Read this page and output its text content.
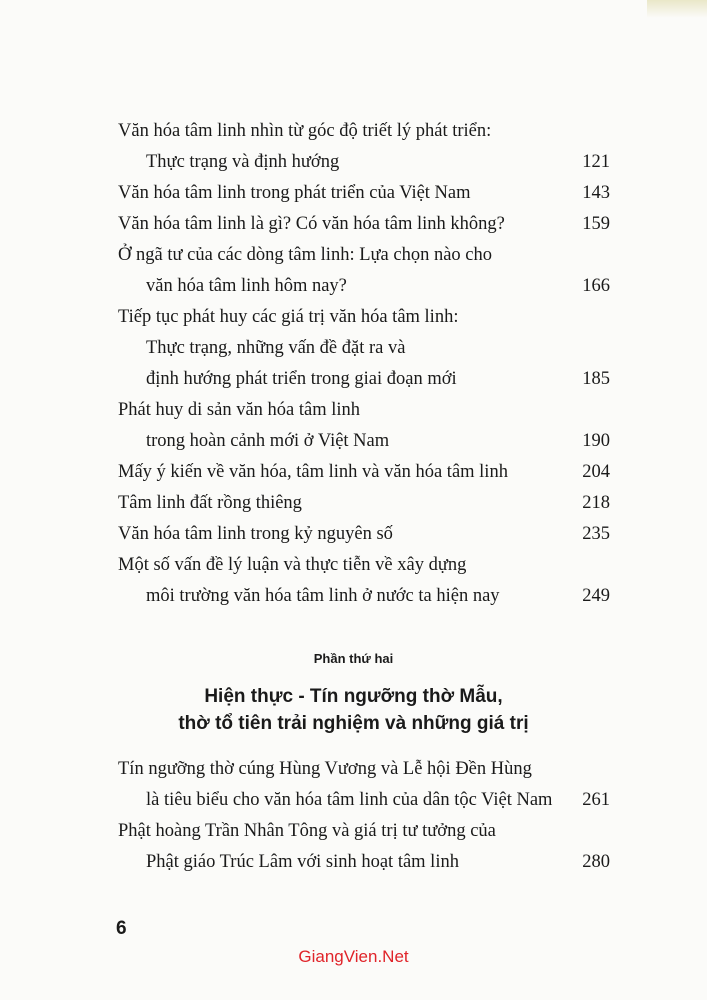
Văn hóa tâm linh nhìn từ góc độ triết lý phát triển:
Thực trạng và định hướng	121
Văn hóa tâm linh trong phát triển của Việt Nam	143
Văn hóa tâm linh là gì? Có văn hóa tâm linh không?	159
Ở ngã tư của các dòng tâm linh: Lựa chọn nào cho
văn hóa tâm linh hôm nay?	166
Tiếp tục phát huy các giá trị văn hóa tâm linh:
Thực trạng, những vấn đề đặt ra và
định hướng phát triển trong giai đoạn mới	185
Phát huy di sản văn hóa tâm linh
trong hoàn cảnh mới ở Việt Nam	190
Mấy ý kiến về văn hóa, tâm linh và văn hóa tâm linh	204
Tâm linh đất rồng thiêng	218
Văn hóa tâm linh trong kỷ nguyên số	235
Một số vấn đề lý luận và thực tiễn về xây dựng
môi trường văn hóa tâm linh ở nước ta hiện nay	249
Phần thứ hai
Hiện thực - Tín ngưỡng thờ Mẫu,
thờ tổ tiên trải nghiệm và những giá trị
Tín ngưỡng thờ cúng Hùng Vương và Lễ hội Đền Hùng
là tiêu biểu cho văn hóa tâm linh của dân tộc Việt Nam 261
Phật hoàng Trần Nhân Tông và giá trị tư tưởng của
Phật giáo Trúc Lâm với sinh hoạt tâm linh	280
6
GiangVien.Net
